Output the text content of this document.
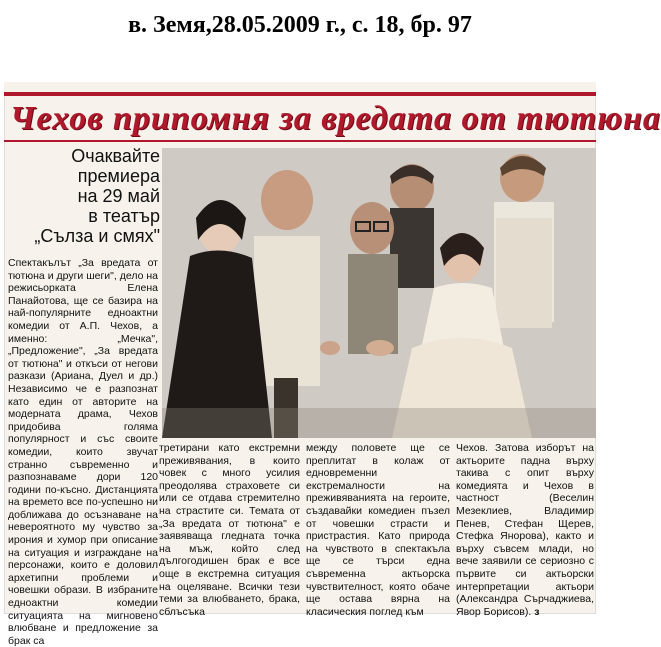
в. Земя,28.05.2009 г., с. 18, бр. 97
Чехов припомня за вредата от тютюна
Очаквайте
премиера
на 29 май
в театър
„Сълза и смях"

Спектакълът „За вредата от тютюна и други шеги", дело на режисьорката Елена Панайотова, ще се базира на най-популярните едноактни комедии от А.П. Чехов, а именно: „Мечка", „Предложение", „За вредата от тютюна" и откъси от негови разкази (Ариана, Дуел и др.) Независимо че е разпознат като един от авторите на модерната драма, Чехов придобива голяма популярност и със своите комедии, които звучат странно съвременно и разпознаваме дори 120 години по-късно. Дистанцията на времето все по-успешно ни доближава до осъзнаване на невероятното му чувство за ирония и хумор при описание на ситуация и изграждане на персонажи, които е доловил архетипни проблеми и човешки образи. В избраните едноактни комедии ситуацията на мигновено влюбване и предложение за брак са

третирани като екстремни преживявания, в които човек с много усилия преодолява страховете си или се отдава стремително на страстите си. Темата от „За вредата от тютюна" е заявяваща гледната точка на мъж, който след дългогодишен брак е все още в екстремна ситуация на оцеляване. Всички тези теми за влюбването, брака, сблъсъка

между половете ще се преплитат в колаж от едновременни екстремалности на преживяванията на героите, създавайки комедиен пъзел от човешки страсти и пристрастия. Като природа на чувството в спектакъла ще се търси една съвременна актьорска чувствителност, която обаче ще остава вярна на класическия поглед към

Чехов. Затова изборът на актьорите падна върху такива с опит върху комедията и Чехов в частност (Веселин Мезеклиев, Владимир Пенев, Стефан Щерев, Стефка Янорова), както и върху съвсем млади, но вече заявили се сериозно с първите си актьорски интерпретации актьори (Александра Сърчаджиева, Явор Борисов). з
